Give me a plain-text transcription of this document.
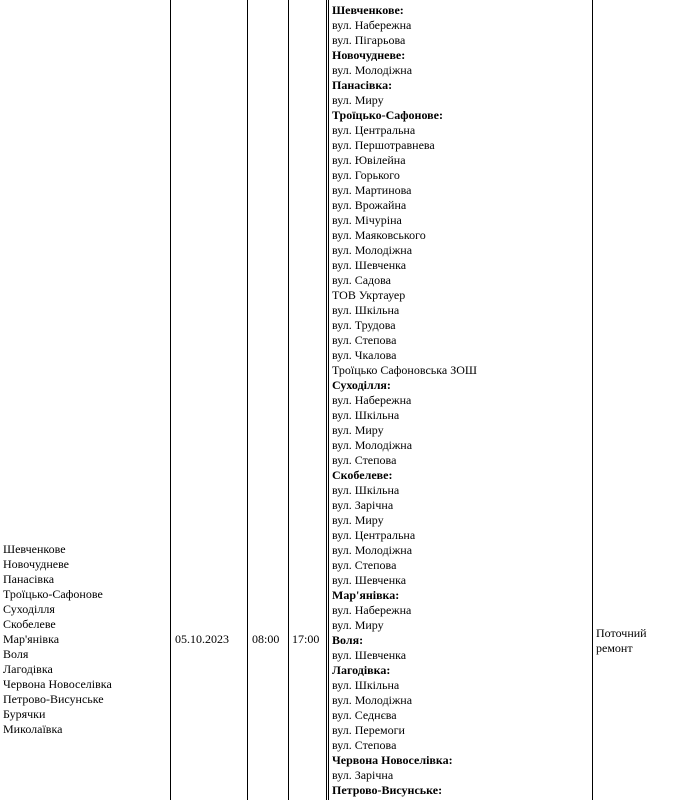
Шевченкове
Новочудневе
Панасівка
Троїцько-Сафонове
Суходілля
Скобелеве
Мар'янівка
Воля
Лагодівка
Червона Новоселівка
Петрово-Висунське
Бурячки
Миколаївка
05.10.2023 08:00 17:00
Шевченкове:
вул. Набережна
вул. Пігарьова
Новочудневе:
вул. Молодіжна
Панасівка:
вул. Миру
Троїцько-Сафонове:
вул. Центральна
вул. Першотравнева
вул. Ювілейна
вул. Горького
вул. Мартинова
вул. Врожайна
вул. Мічуріна
вул. Маяковського
вул. Молодіжна
вул. Шевченка
вул. Садова
ТОВ Укртауер
вул. Шкільна
вул. Трудова
вул. Степова
вул. Чкалова
Троїцько Сафоновська ЗОШ
Суходілля:
вул. Набережна
вул. Шкільна
вул. Миру
вул. Молодіжна
вул. Степова
Скобелеве:
вул. Шкільна
вул. Зарічна
вул. Миру
вул. Центральна
вул. Молодіжна
вул. Степова
вул. Шевченка
Мар'янівка:
вул. Набережна
вул. Миру
Воля:
вул. Шевченка
Лагодівка:
вул. Шкільна
вул. Молодіжна
вул. Седнєва
вул. Перемоги
вул. Степова
Червона Новоселівка:
вул. Зарічна
Петрово-Висунське:
Поточний ремонт
